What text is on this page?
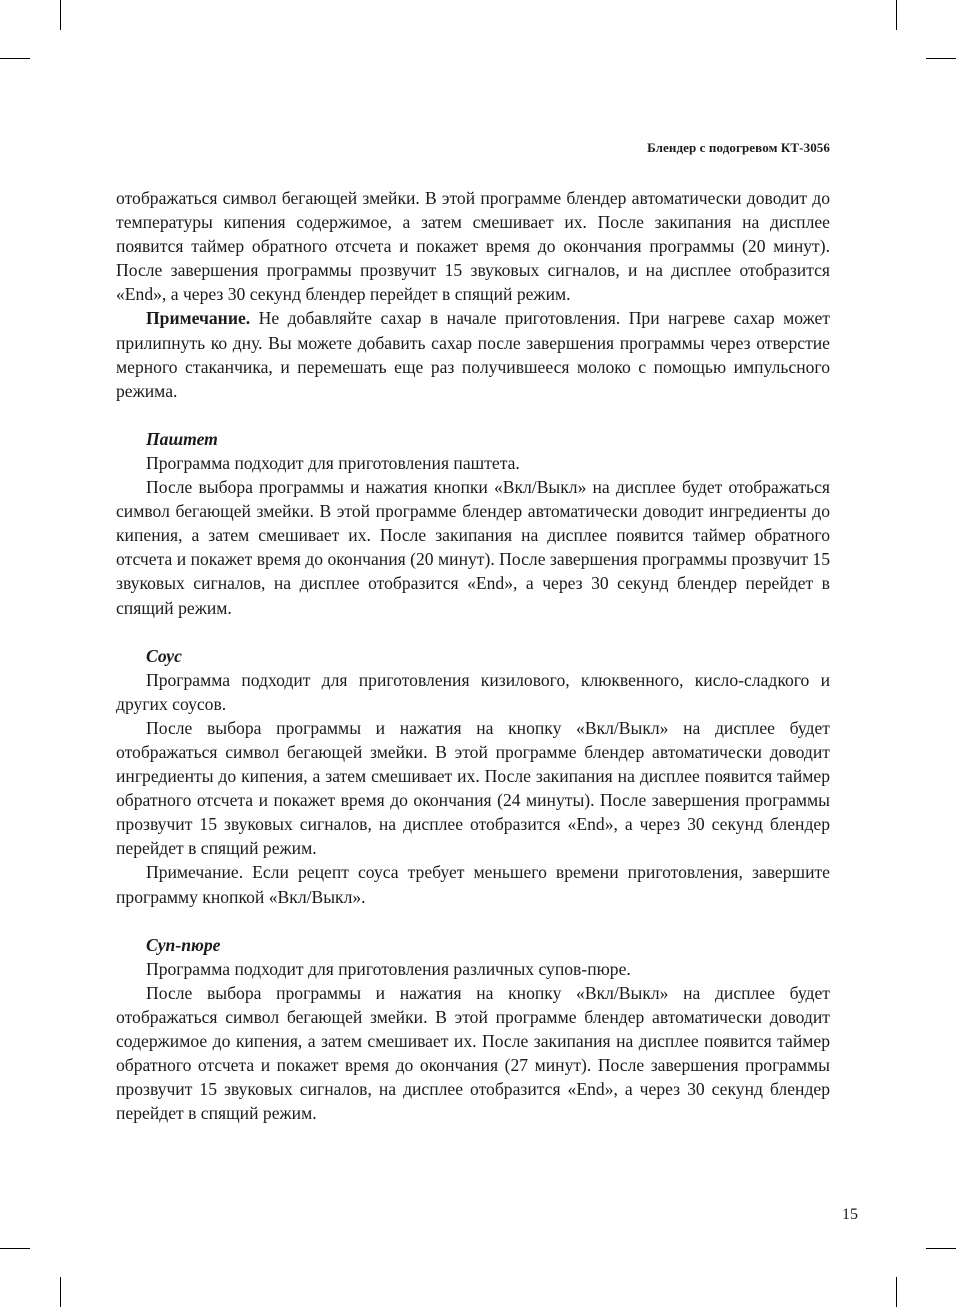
Блендер с подогревом КТ-3056

отображаться символ бегающей змейки. В этой программе блендер автоматически доводит до температуры кипения содержимое, а затем смешивает их. После закипания на дисплее появится таймер обратного отсчета и покажет время до окончания программы (20 минут). После завершения программы прозвучит 15 звуковых сигналов, и на дисплее отобразится «End», а через 30 секунд блендер перейдет в спящий режим.

Примечание. Не добавляйте сахар в начале приготовления. При нагреве сахар может прилипнуть ко дну. Вы можете добавить сахар после завершения программы через отверстие мерного стаканчика, и перемешать еще раз получившееся молоко с помощью импульсного режима.

Паштет

Программа подходит для приготовления паштета.

После выбора программы и нажатия кнопки «Вкл/Выкл» на дисплее будет отображаться символ бегающей змейки. В этой программе блендер автоматически доводит ингредиенты до кипения, а затем смешивает их. После закипания на дисплее появится таймер обратного отсчета и покажет время до окончания (20 минут). После завершения программы прозвучит 15 звуковых сигналов, на дисплее отобразится «End», а через 30 секунд блендер перейдет в спящий режим.

Соус

Программа подходит для приготовления кизилового, клюквенного, кисло-сладкого и других соусов.

После выбора программы и нажатия на кнопку «Вкл/Выкл» на дисплее будет отображаться символ бегающей змейки. В этой программе блендер автоматически доводит ингредиенты до кипения, а затем смешивает их. После закипания на дисплее появится таймер обратного отсчета и покажет время до окончания (24 минуты). После завершения программы прозвучит 15 звуковых сигналов, на дисплее отобразится «End», а через 30 секунд блендер перейдет в спящий режим.

Примечание. Если рецепт соуса требует меньшего времени приготовления, завершите программу кнопкой «Вкл/Выкл».

Суп-пюре

Программа подходит для приготовления различных супов-пюре.

После выбора программы и нажатия на кнопку «Вкл/Выкл» на дисплее будет отображаться символ бегающей змейки. В этой программе блендер автоматически доводит содержимое до кипения, а затем смешивает их. После закипания на дисплее появится таймер обратного отсчета и покажет время до окончания (27 минут). После завершения программы прозвучит 15 звуковых сигналов, на дисплее отобразится «End», а через 30 секунд блендер перейдет в спящий режим.

15
